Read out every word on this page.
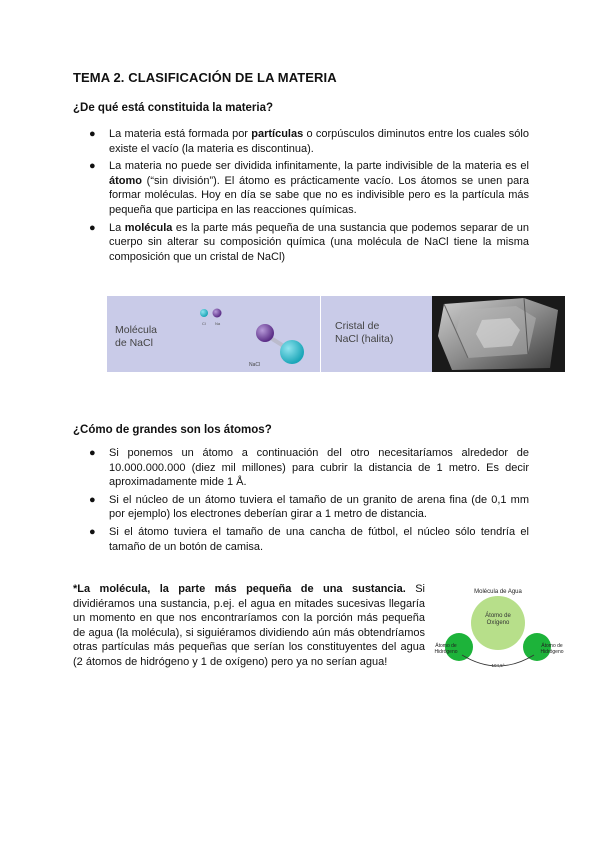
TEMA 2. CLASIFICACIÓN DE LA MATERIA
¿De qué está constituida la materia?
● La materia está formada por partículas o corpúsculos diminutos entre los cuales sólo existe el vacío (la materia es discontinua).
● La materia no puede ser dividida infinitamente, la parte indivisible de la materia es el átomo (“sin división”). El átomo es prácticamente vacío. Los átomos se unen para formar moléculas. Hoy en día se sabe que no es indivisible pero es la partícula más pequeña que participa en las reacciones químicas.
● La molécula es la parte más pequeña de una sustancia que podemos separar de un cuerpo sin alterar su composición química (una molécula de NaCl tiene la misma composición que un cristal de NaCl)
Molécula
de NaCl
Cl Na
NaCl
Cristal de
NaCl (halita)
¿Cómo de grandes son los átomos?
● Si ponemos un átomo a continuación del otro necesitaríamos alrededor de 10.000.000.000 (diez mil millones) para cubrir la distancia de 1 metro. Es decir aproximadamente mide 1 Å.
● Si el núcleo de un átomo tuviera el tamaño de un granito de arena fina (de 0,1 mm por ejemplo) los electrones deberían girar a 1 metro de distancia.
● Si el átomo tuviera el tamaño de una cancha de fútbol, el núcleo sólo tendría el tamaño de un botón de camisa.

*La molécula, la parte más pequeña de una sustancia. Si dividiéramos una sustancia, p.ej. el agua en mitades sucesivas llegaría un momento en que nos encontraríamos con la porción más pequeña de agua (la molécula), si siguiéramos dividiendo aún más obtendríamos otras partículas más pequeñas que serían los constituyentes del agua (2 átomos de hidrógeno y 1 de oxígeno) pero ya no serían agua!

Molécula de Agua
Átomo de
Oxígeno
104,5°
Átomo de
Hidrógeno
Átomo de
Hidrógeno
